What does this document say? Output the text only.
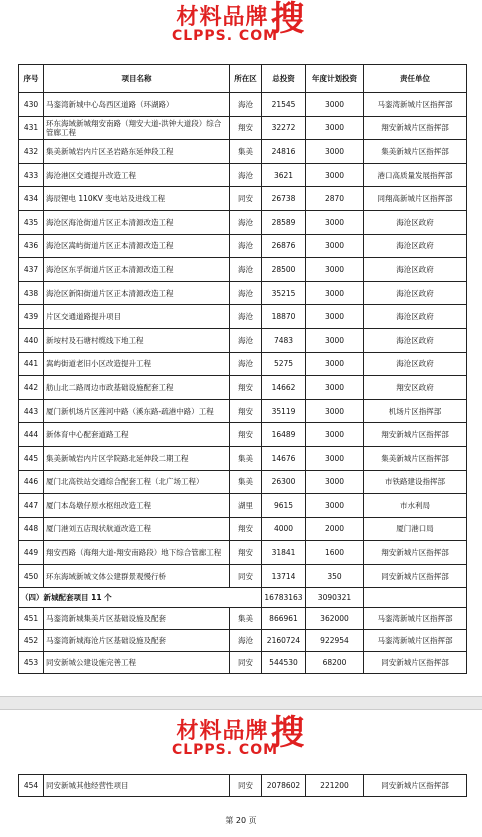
材料品牌搜
CLPPS. COM
序号	项目名称	所在区	总投资	年度计划投资	责任单位
430	马銮湾新城中心岛西区道路（环湖路）	海沧	21545	3000	马銮湾新城片区指挥部
431	环东海域新城翔安南路（翔安大道-洪钟大道段）综合管廊工程	翔安	32272	3000	翔安新城片区指挥部
432	集美新城岩内片区圣岩路东延伸段工程	集美	24816	3000	集美新城片区指挥部
433	海沧港区交通提升改造工程	海沧	3621	3000	港口高质量发展指挥部
434	海辰锂电 110KV 变电站及进线工程	同安	26738	2870	同翔高新城片区指挥部
435	海沧区海沧街道片区正本清源改造工程	海沧	28589	3000	海沧区政府
436	海沧区嵩屿街道片区正本清源改造工程	海沧	26876	3000	海沧区政府
437	海沧区东孚街道片区正本清源改造工程	海沧	28500	3000	海沧区政府
438	海沧区新阳街道片区正本清源改造工程	海沧	35215	3000	海沧区政府
439	片区交通道路提升项目	海沧	18870	3000	海沧区政府
440	新垵村及石塘村缆线下地工程	海沧	7483	3000	海沧区政府
441	嵩屿街道老旧小区改造提升工程	海沧	5275	3000	海沧区政府
442	舫山北二路周边市政基础设施配套工程	翔安	14662	3000	翔安区政府
443	厦门新机场片区莲河中路（溪东路-疏港中路）工程	翔安	35119	3000	机场片区指挥部
444	新体育中心配套道路工程	翔安	16489	3000	翔安新城片区指挥部
445	集美新城岩内片区学院路北延伸段二期工程	集美	14676	3000	集美新城片区指挥部
446	厦门北高铁站交通综合配套工程（北广场工程）	集美	26300	3000	市铁路建设指挥部
447	厦门本岛墩仔原水枢纽改造工程	湖里	9615	3000	市水利局
448	厦门港刘五店现状航道改造工程	翔安	4000	2000	厦门港口局
449	翔安西路（海翔大道-翔安南路段）地下综合管廊工程	翔安	31841	1600	翔安新城片区指挥部
450	环东海域新城文体公建群景观慢行桥	同安	13714	350	同安新城片区指挥部
（四）新城配套项目 11 个			16783163	3090321	
451	马銮湾新城集美片区基础设施及配套	集美	866961	362000	马銮湾新城片区指挥部
452	马銮湾新城海沧片区基础设施及配套	海沧	2160724	922954	马銮湾新城片区指挥部
453	同安新城公建设施完善工程	同安	544530	68200	同安新城片区指挥部
材料品牌搜
CLPPS. COM
454	同安新城其他经营性项目	同安	2078602	221200	同安新城片区指挥部
第 20 页
